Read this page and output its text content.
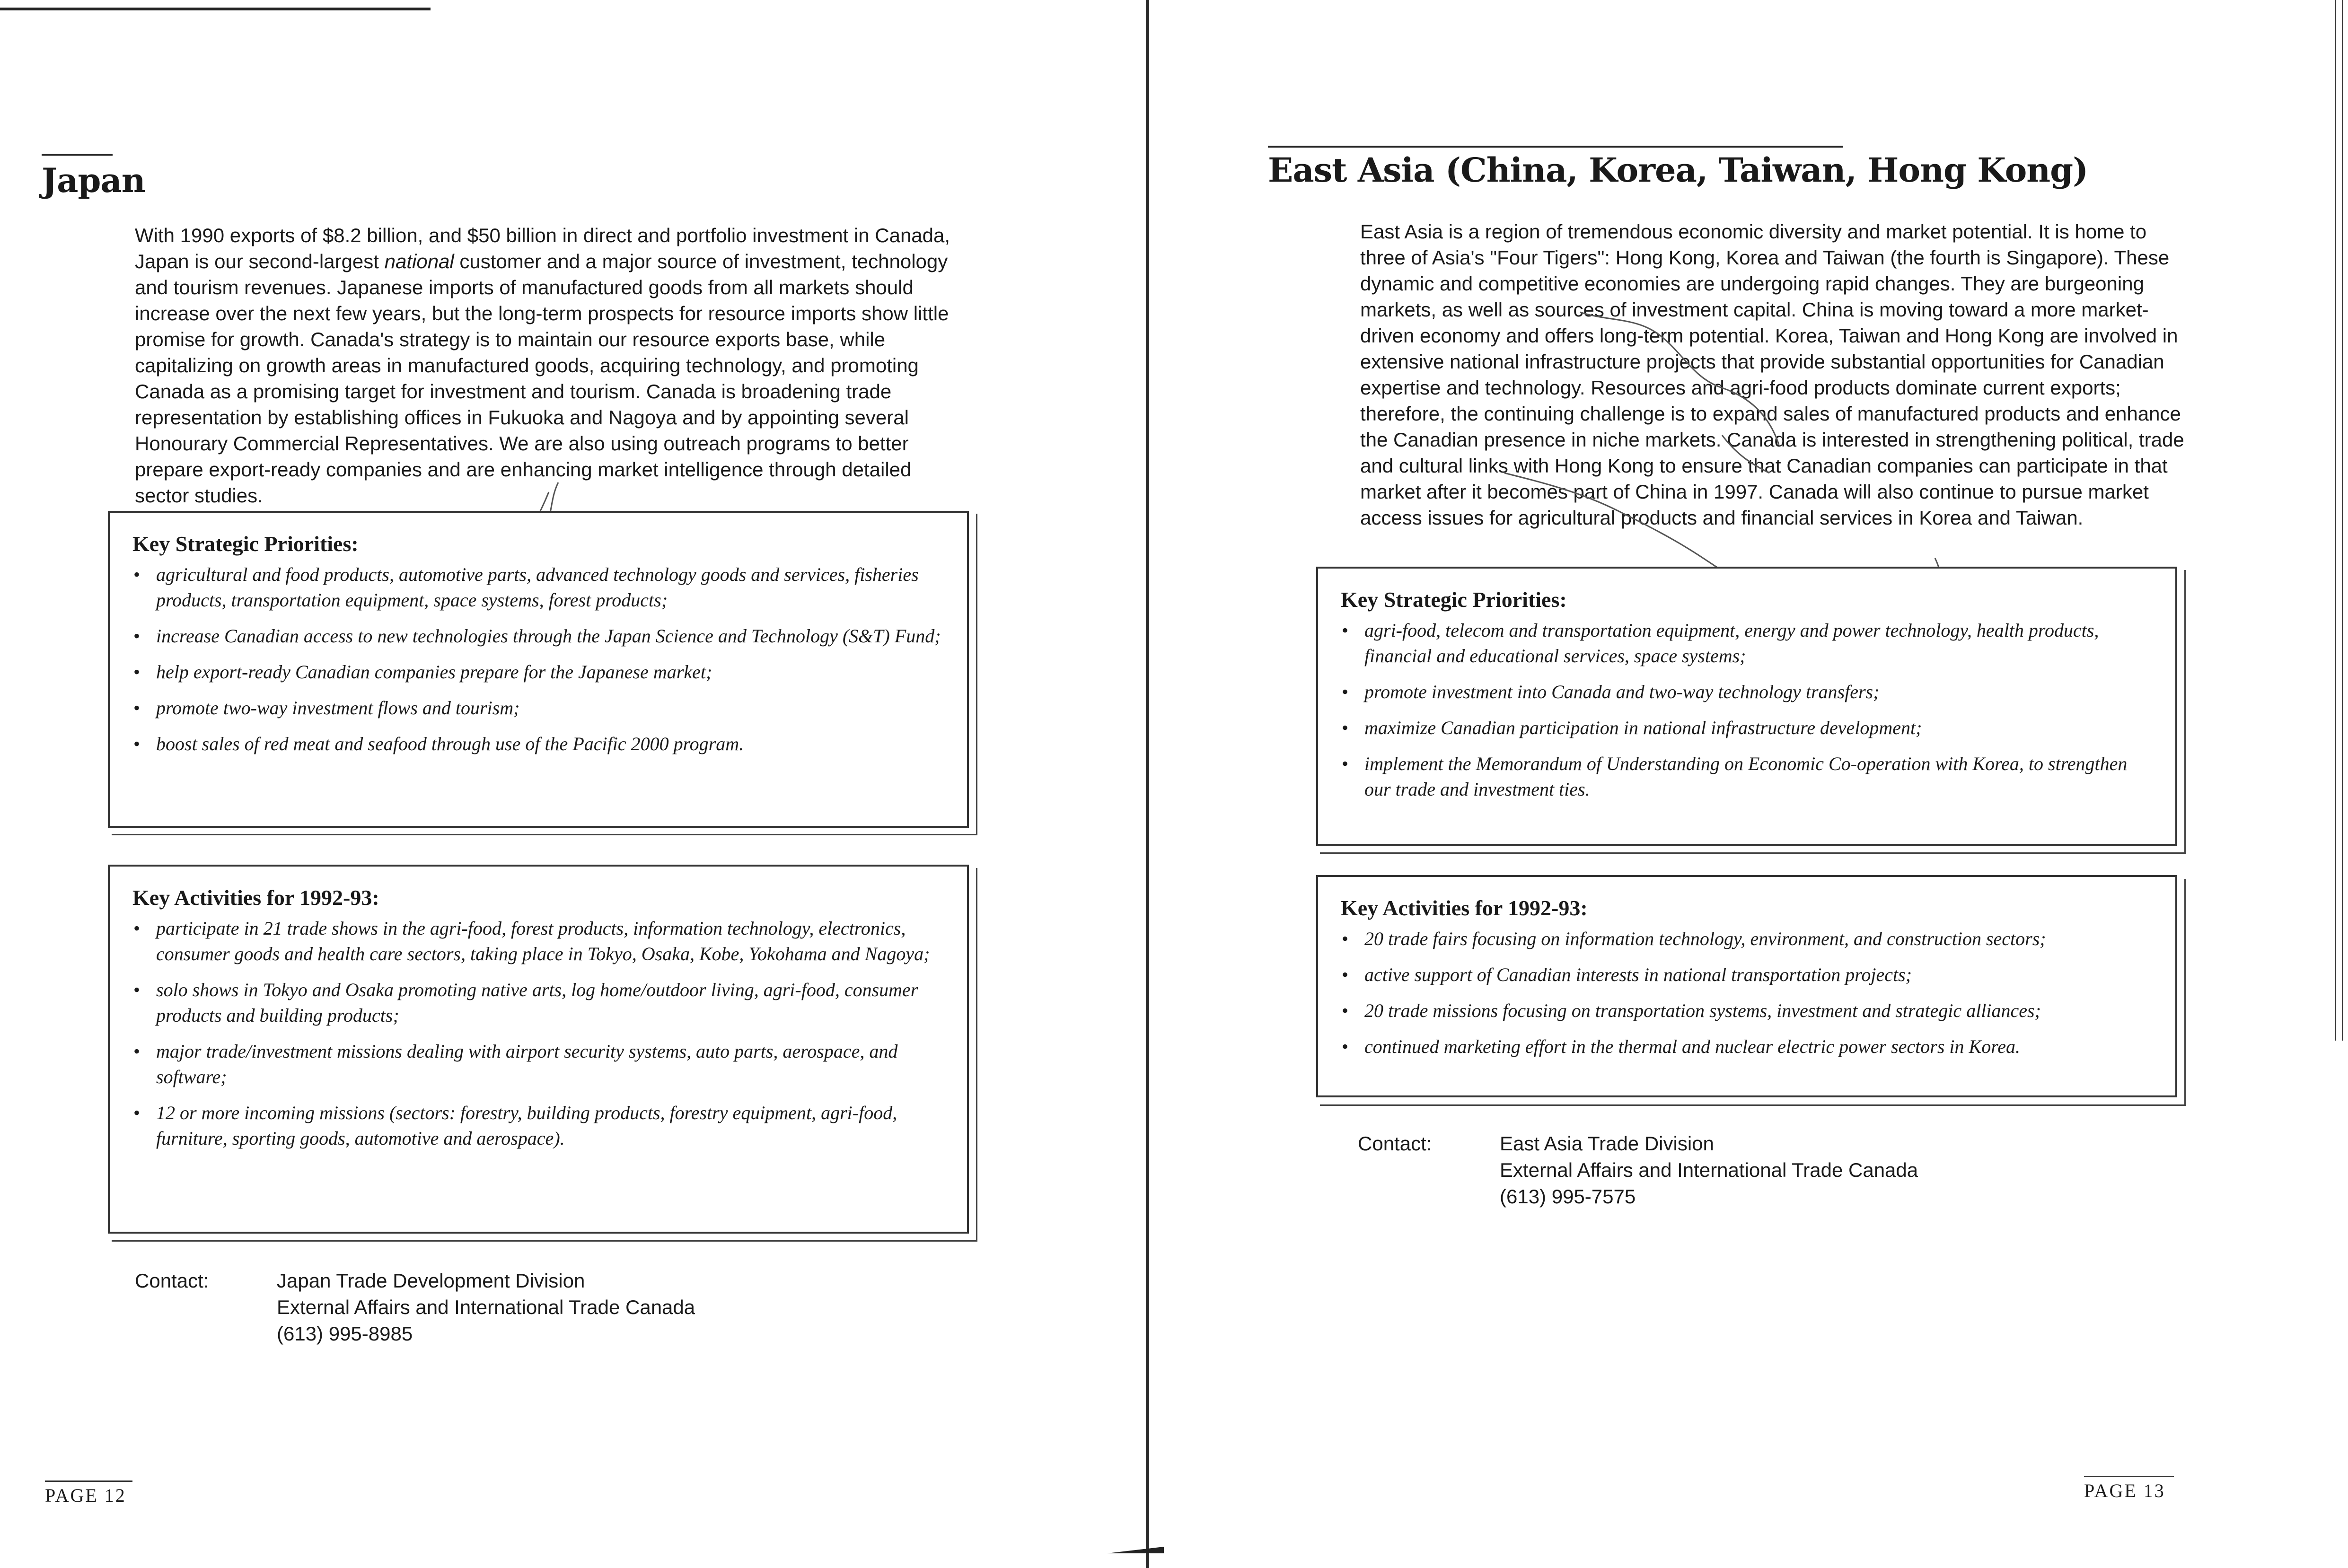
Japan

With 1990 exports of $8.2 billion, and $50 billion in direct and portfolio investment in Canada, Japan is our second-largest national customer and a major source of investment, technology and tourism revenues. Japanese imports of manufactured goods from all markets should increase over the next few years, but the long-term prospects for resource imports show little promise for growth. Canada's strategy is to maintain our resource exports base, while capitalizing on growth areas in manufactured goods, acquiring technology, and promoting Canada as a promising target for investment and tourism. Canada is broadening trade representation by establishing offices in Fukuoka and Nagoya and by appointing several Honourary Commercial Representatives. We are also using outreach programs to better prepare export-ready companies and are enhancing market intelligence through detailed sector studies.

Key Strategic Priorities:
• agricultural and food products, automotive parts, advanced technology goods and services, fisheries products, transportation equipment, space systems, forest products;
• increase Canadian access to new technologies through the Japan Science and Technology (S&T) Fund;
• help export-ready Canadian companies prepare for the Japanese market;
• promote two-way investment flows and tourism;
• boost sales of red meat and seafood through use of the Pacific 2000 program.
Key Activities for 1992-93:
• participate in 21 trade shows in the agri-food, forest products, information technology, electronics, consumer goods and health care sectors, taking place in Tokyo, Osaka, Kobe, Yokohama and Nagoya;
• solo shows in Tokyo and Osaka promoting native arts, log home/outdoor living, agri-food, consumer products and building products;
• major trade/investment missions dealing with airport security systems, auto parts, aerospace, and software;
• 12 or more incoming missions (sectors: forestry, building products, forestry equipment, agri-food, furniture, sporting goods, automotive and aerospace).
Contact:	Japan Trade Development Division
External Affairs and International Trade Canada
(613) 995-8985
PAGE 12
East Asia (China, Korea, Taiwan, Hong Kong)

East Asia is a region of tremendous economic diversity and market potential. It is home to three of Asia's "Four Tigers": Hong Kong, Korea and Taiwan (the fourth is Singapore). These dynamic and competitive economies are undergoing rapid changes. They are burgeoning markets, as well as sources of investment capital. China is moving toward a more market-driven economy and offers long-term potential. Korea, Taiwan and Hong Kong are involved in extensive national infrastructure projects that provide substantial opportunities for Canadian expertise and technology. Resources and agri-food products dominate current exports; therefore, the continuing challenge is to expand sales of manufactured products and enhance the Canadian presence in niche markets. Canada is interested in strengthening political, trade and cultural links with Hong Kong to ensure that Canadian companies can participate in that market after it becomes part of China in 1997. Canada will also continue to pursue market access issues for agricultural products and financial services in Korea and Taiwan.

Key Strategic Priorities:
• agri-food, telecom and transportation equipment, energy and power technology, health products, financial and educational services, space systems;
• promote investment into Canada and two-way technology transfers;
• maximize Canadian participation in national infrastructure development;
• implement the Memorandum of Understanding on Economic Co-operation with Korea, to strengthen our trade and investment ties.
Key Activities for 1992-93:
• 20 trade fairs focusing on information technology, environment, and construction sectors;
• active support of Canadian interests in national transportation projects;
• 20 trade missions focusing on transportation systems, investment and strategic alliances;
• continued marketing effort in the thermal and nuclear electric power sectors in Korea.
Contact:	East Asia Trade Division
External Affairs and International Trade Canada
(613) 995-7575
PAGE 13
